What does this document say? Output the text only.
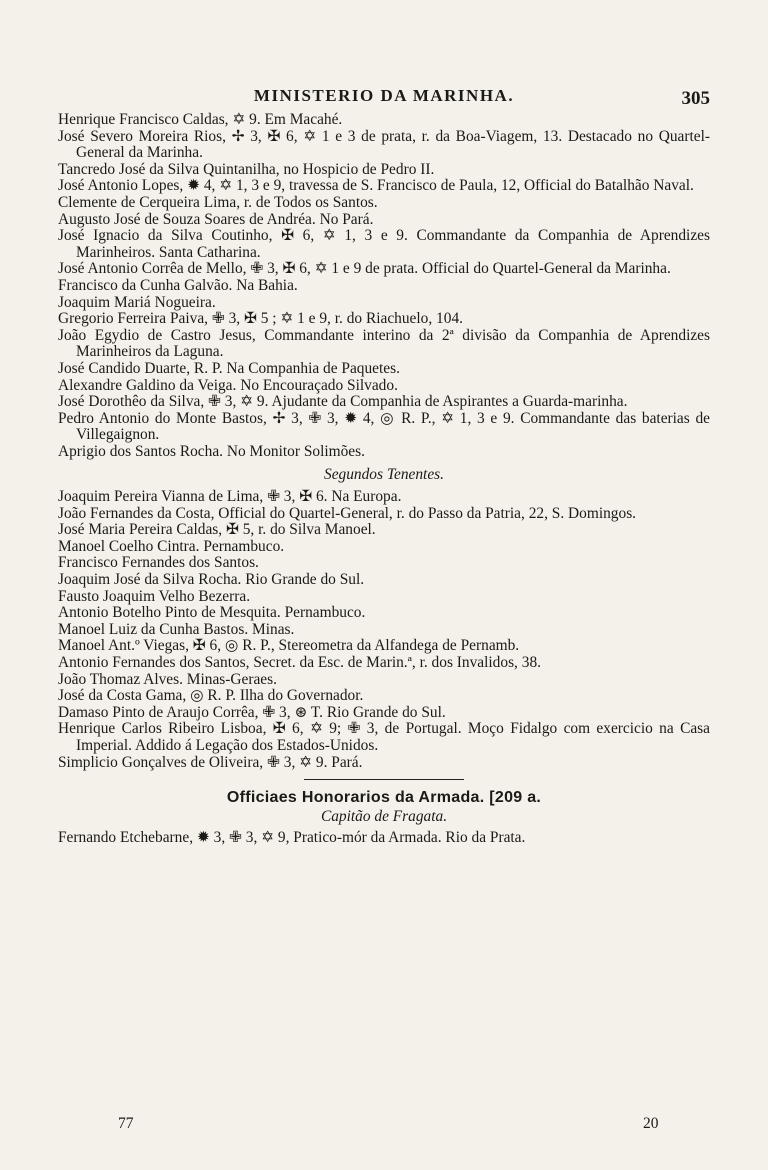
MINISTERIO DA MARINHA.	305

Henrique Francisco Caldas, ✡ 9. Em Macahé.

José Severo Moreira Rios, ✢ 3, ✠ 6, ✡ 1 e 3 de prata, r. da Boa-Viagem, 13. Destacado no Quartel-General da Marinha.

Tancredo José da Silva Quintanilha, no Hospicio de Pedro II.

José Antonio Lopes, ✹ 4, ✡ 1, 3 e 9, travessa de S. Francisco de Paula, 12, Official do Batalhão Naval.

Clemente de Cerqueira Lima, r. de Todos os Santos.

Augusto José de Souza Soares de Andréa. No Pará.

José Ignacio da Silva Coutinho, ✠ 6, ✡ 1, 3 e 9. Commandante da Companhia de Aprendizes Marinheiros. Santa Catharina.

José Antonio Corrêa de Mello, ✙ 3, ✠ 6, ✡ 1 e 9 de prata. Official do Quartel-General da Marinha.

Francisco da Cunha Galvão. Na Bahia.

Joaquim Mariá Nogueira.

Gregorio Ferreira Paiva, ✙ 3, ✠ 5 ; ✡ 1 e 9, r. do Riachuelo, 104.

João Egydio de Castro Jesus, Commandante interino da 2ª divisão da Companhia de Aprendizes Marinheiros da Laguna.

José Candido Duarte, R. P. Na Companhia de Paquetes.

Alexandre Galdino da Veiga. No Encouraçado Silvado.

José Dorothêo da Silva, ✙ 3, ✡ 9. Ajudante da Companhia de Aspirantes a Guarda-marinha.

Pedro Antonio do Monte Bastos, ✢ 3, ✙ 3, ✹ 4, ◎ R. P., ✡ 1, 3 e 9. Commandante das baterias de Villegaignon.

Aprigio dos Santos Rocha. No Monitor Solimões.

Segundos Tenentes.

Joaquim Pereira Vianna de Lima, ✙ 3, ✠ 6. Na Europa.

João Fernandes da Costa, Official do Quartel-General, r. do Passo da Patria, 22, S. Domingos.

José Maria Pereira Caldas, ✠ 5, r. do Silva Manoel.

Manoel Coelho Cintra. Pernambuco.

Francisco Fernandes dos Santos.

Joaquim José da Silva Rocha. Rio Grande do Sul.

Fausto Joaquim Velho Bezerra.

Antonio Botelho Pinto de Mesquita. Pernambuco.

Manoel Luiz da Cunha Bastos. Minas.

Manoel Ant.º Viegas, ✠ 6, ◎ R. P., Stereometra da Alfandega de Pernamb.

Antonio Fernandes dos Santos, Secret. da Esc. de Marin.ª, r. dos Invalidos, 38.

João Thomaz Alves. Minas-Geraes.

José da Costa Gama, ◎ R. P. Ilha do Governador.

Damaso Pinto de Araujo Corrêa, ✙ 3, ⊛ T. Rio Grande do Sul.

Henrique Carlos Ribeiro Lisboa, ✠ 6, ✡ 9; ✙ 3, de Portugal. Moço Fidalgo com exercicio na Casa Imperial. Addido á Legação dos Estados-Unidos.

Simplicio Gonçalves de Oliveira, ✙ 3, ✡ 9. Pará.

Officiaes Honorarios da Armada. [209 a.
Capitão de Fragata.

Fernando Etchebarne, ✹ 3, ✙ 3, ✡ 9, Pratico-mór da Armada. Rio da Prata.

77	20
